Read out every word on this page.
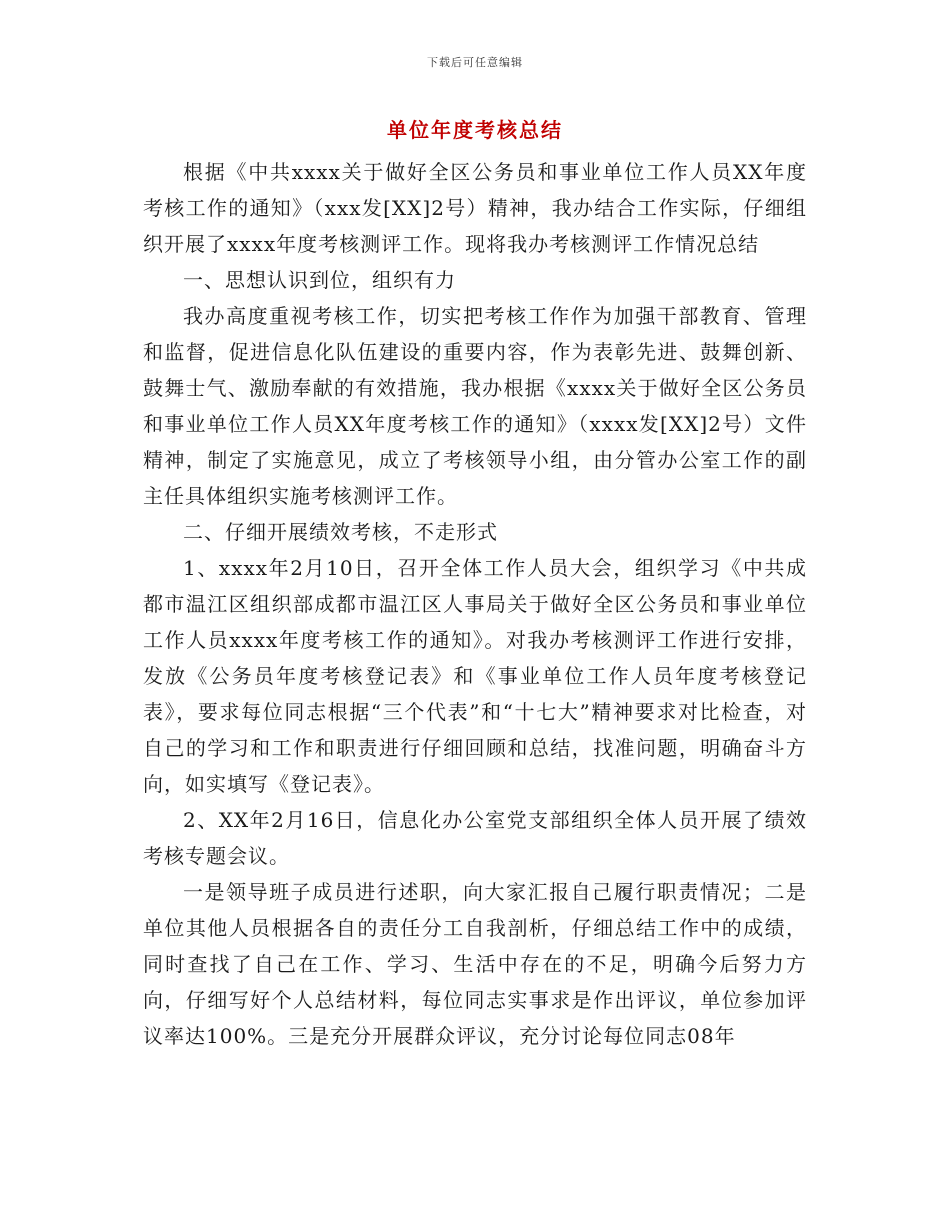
下载后可任意编辑
单位年度考核总结

根据《中共xxxx关于做好全区公务员和事业单位工作人员XX年度考核工作的通知》（xxx发[XX]2号）精神，我办结合工作实际，仔细组织开展了xxxx年度考核测评工作。现将我办考核测评工作情况总结

一、思想认识到位，组织有力

我办高度重视考核工作，切实把考核工作作为加强干部教育、管理和监督，促进信息化队伍建设的重要内容，作为表彰先进、鼓舞创新、鼓舞士气、激励奉献的有效措施，我办根据《xxxx关于做好全区公务员和事业单位工作人员XX年度考核工作的通知》（xxxx发[XX]2号）文件精神，制定了实施意见，成立了考核领导小组，由分管办公室工作的副主任具体组织实施考核测评工作。

二、仔细开展绩效考核，不走形式

1、xxxx年2月10日，召开全体工作人员大会，组织学习《中共成都市温江区组织部成都市温江区人事局关于做好全区公务员和事业单位工作人员xxxx年度考核工作的通知》。对我办考核测评工作进行安排，发放《公务员年度考核登记表》和《事业单位工作人员年度考核登记表》，要求每位同志根据“三个代表”和“十七大”精神要求对比检查，对自己的学习和工作和职责进行仔细回顾和总结，找准问题，明确奋斗方向，如实填写《登记表》。

2、XX年2月16日，信息化办公室党支部组织全体人员开展了绩效考核专题会议。

一是领导班子成员进行述职，向大家汇报自己履行职责情况；二是单位其他人员根据各自的责任分工自我剖析，仔细总结工作中的成绩，同时查找了自己在工作、学习、生活中存在的不足，明确今后努力方向，仔细写好个人总结材料，每位同志实事求是作出评议，单位参加评议率达100%。三是充分开展群众评议，充分讨论每位同志08年
